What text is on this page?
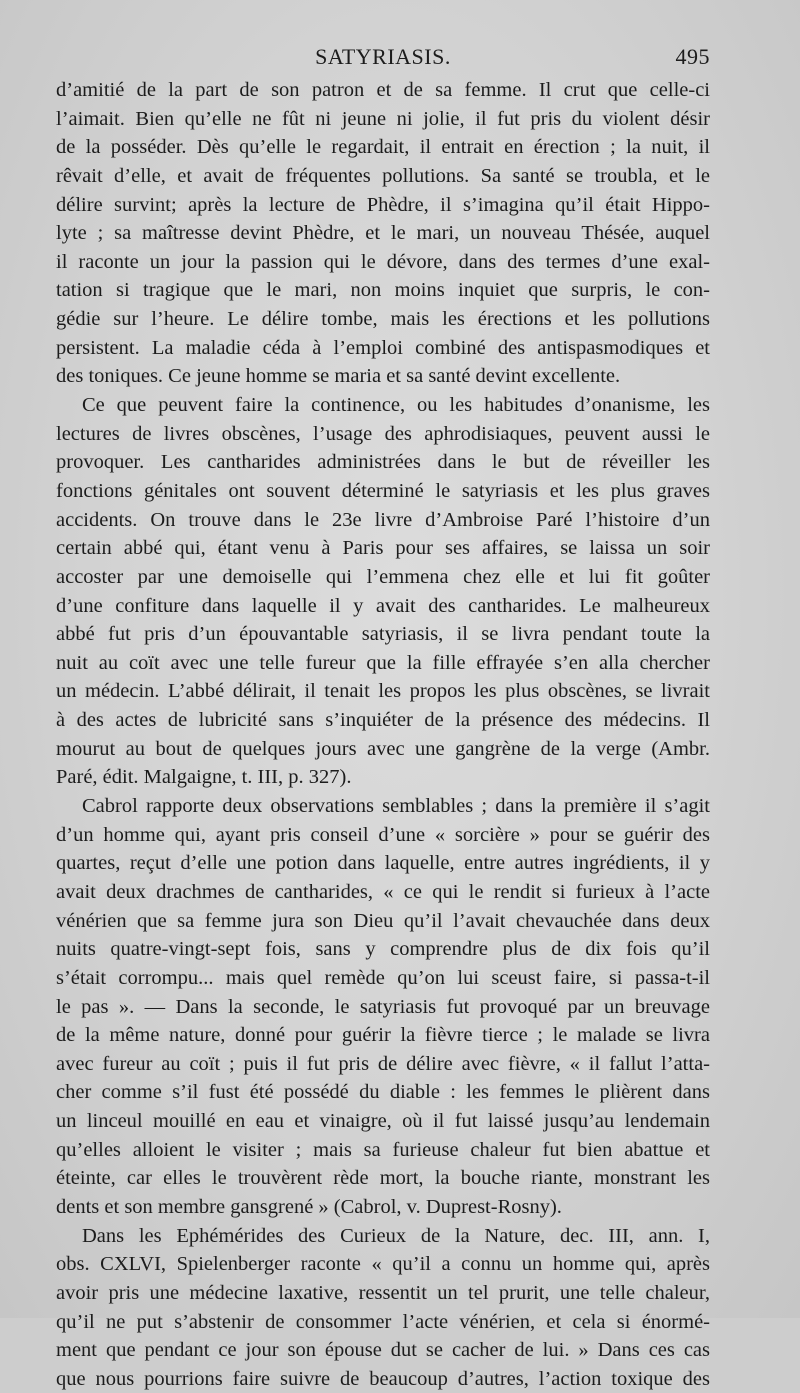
SATYRIASIS.	495
d’amitié de la part de son patron et de sa femme. Il crut que celle-ci
l’aimait. Bien qu’elle ne fût ni jeune ni jolie, il fut pris du violent désir
de la posséder. Dès qu’elle le regardait, il entrait en érection ; la nuit, il
rêvait d’elle, et avait de fréquentes pollutions. Sa santé se troubla, et le
délire survint; après la lecture de Phèdre, il s’imagina qu’il était Hippo-
lyte ; sa maîtresse devint Phèdre, et le mari, un nouveau Thésée, auquel
il raconte un jour la passion qui le dévore, dans des termes d’une exal-
tation si tragique que le mari, non moins inquiet que surpris, le con-
gédie sur l’heure. Le délire tombe, mais les érections et les pollutions
persistent. La maladie céda à l’emploi combiné des antispasmodiques et
des toniques. Ce jeune homme se maria et sa santé devint excellente.
Ce que peuvent faire la continence, ou les habitudes d’onanisme, les
lectures de livres obscènes, l’usage des aphrodisiaques, peuvent aussi le
provoquer. Les cantharides administrées dans le but de réveiller les
fonctions génitales ont souvent déterminé le satyriasis et les plus graves
accidents. On trouve dans le 23e livre d’Ambroise Paré l’histoire d’un
certain abbé qui, étant venu à Paris pour ses affaires, se laissa un soir
accoster par une demoiselle qui l’emmena chez elle et lui fit goûter
d’une confiture dans laquelle il y avait des cantharides. Le malheureux
abbé fut pris d’un épouvantable satyriasis, il se livra pendant toute la
nuit au coït avec une telle fureur que la fille effrayée s’en alla chercher
un médecin. L’abbé délirait, il tenait les propos les plus obscènes, se livrait
à des actes de lubricité sans s’inquiéter de la présence des médecins. Il
mourut au bout de quelques jours avec une gangrène de la verge (Ambr.
Paré, édit. Malgaigne, t. III, p. 327).
Cabrol rapporte deux observations semblables ; dans la première il s’agit
d’un homme qui, ayant pris conseil d’une « sorcière » pour se guérir des
quartes, reçut d’elle une potion dans laquelle, entre autres ingrédients, il y
avait deux drachmes de cantharides, « ce qui le rendit si furieux à l’acte
vénérien que sa femme jura son Dieu qu’il l’avait chevauchée dans deux
nuits quatre-vingt-sept fois, sans y comprendre plus de dix fois qu’il
s’était corrompu... mais quel remède qu’on lui sceust faire, si passa-t-il
le pas ». — Dans la seconde, le satyriasis fut provoqué par un breuvage
de la même nature, donné pour guérir la fièvre tierce ; le malade se livra
avec fureur au coït ; puis il fut pris de délire avec fièvre, « il fallut l’atta-
cher comme s’il fust été possédé du diable : les femmes le plièrent dans
un linceul mouillé en eau et vinaigre, où il fut laissé jusqu’au lendemain
qu’elles alloient le visiter ; mais sa furieuse chaleur fut bien abattue et
éteinte, car elles le trouvèrent rède mort, la bouche riante, monstrant les
dents et son membre gansgrené » (Cabrol, v. Duprest-Rosny).
Dans les Ephémérides des Curieux de la Nature, dec. III, ann. I,
obs. CXLVI, Spielenberger raconte « qu’il a connu un homme qui, après
avoir pris une médecine laxative, ressentit un tel prurit, une telle chaleur,
qu’il ne put s’abstenir de consommer l’acte vénérien, et cela si énormé-
ment que pendant ce jour son épouse dut se cacher de lui. » Dans ces cas
que nous pourrions faire suivre de beaucoup d’autres, l’action toxique des
